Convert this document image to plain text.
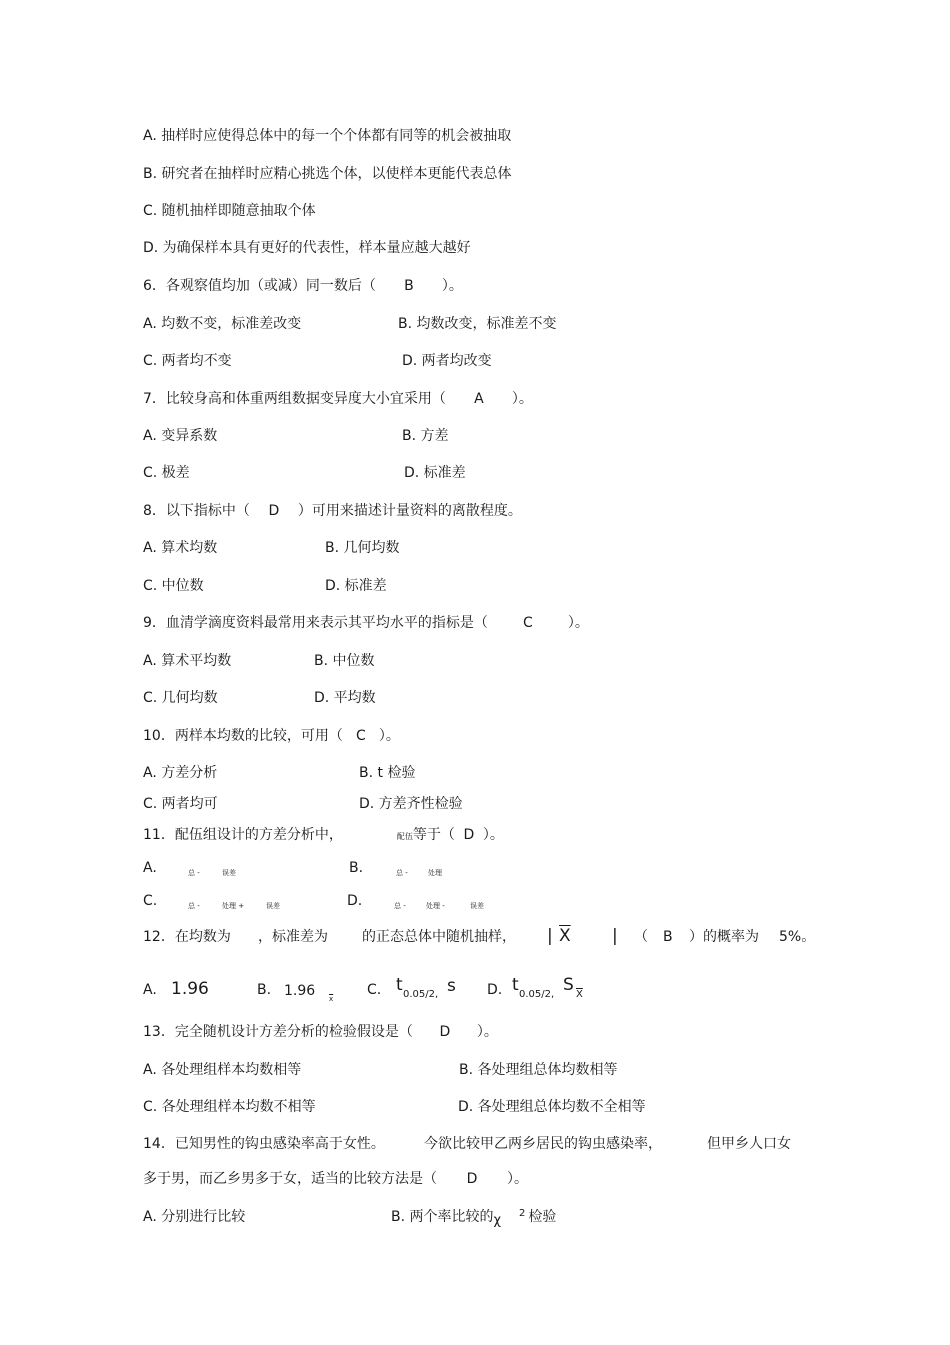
A. 抽样时应使得总体中的每一个个体都有同等的机会被抽取
B. 研究者在抽样时应精心挑选个体，以使样本更能代表总体
C. 随机抽样即随意抽取个体
D. 为确保样本具有更好的代表性，样本量应越大越好
6．各观察值均加（或减）同一数后（ B ）。
A. 均数不变，标准差改变	B. 均数改变，标准差不变
C. 两者均不变	D. 两者均改变
7．比较身高和体重两组数据变异度大小宜采用（ A ）。
A. 变异系数	B. 方差
C. 极差	D. 标准差
8．以下指标中（ D ）可用来描述计量资料的离散程度。
A. 算术均数	B. 几何均数
C. 中位数	D. 标准差
9．血清学滴度资料最常用来表示其平均水平的指标是（	C	）。
A. 算术平均数	B. 中位数
C. 几何均数	D. 平均数
10．两样本均数的比较，可用（ C ）。
A. 方差分析	B. t 检验
C. 两者均可	D. 方差齐性检验
11．配伍组设计的方差分析中，	配伍等于（ D ）。
A.	总 -	误差	B.	总 -	处理
C.	总 -	处理 +	误差	D.	总 -	处理 -	误差
12．在均数为 ，标准差为 的正态总体中随机抽样， | $\overline{X}$ | （ B ）的概率为 5%。
A. 1.96	B. 1.96 $\overline{x}$
C. t 0.05/2, s D. t 0.05/2, S $\overline{X}$
13．完全随机设计方差分析的检验假设是（ D ）。
A. 各处理组样本均数相等	B. 各处理组总体均数相等
C. 各处理组样本均数不相等	D. 各处理组总体均数不全相等
14．已知男性的钩虫感染率高于女性。	今欲比较甲乙两乡居民的钩虫感染率，	但甲乡人口女
多于男，而乙乡男多于女，适当的比较方法是（ D ）。
A. 分别进行比较	B. 两个率比较的χ $^2$ 检验
